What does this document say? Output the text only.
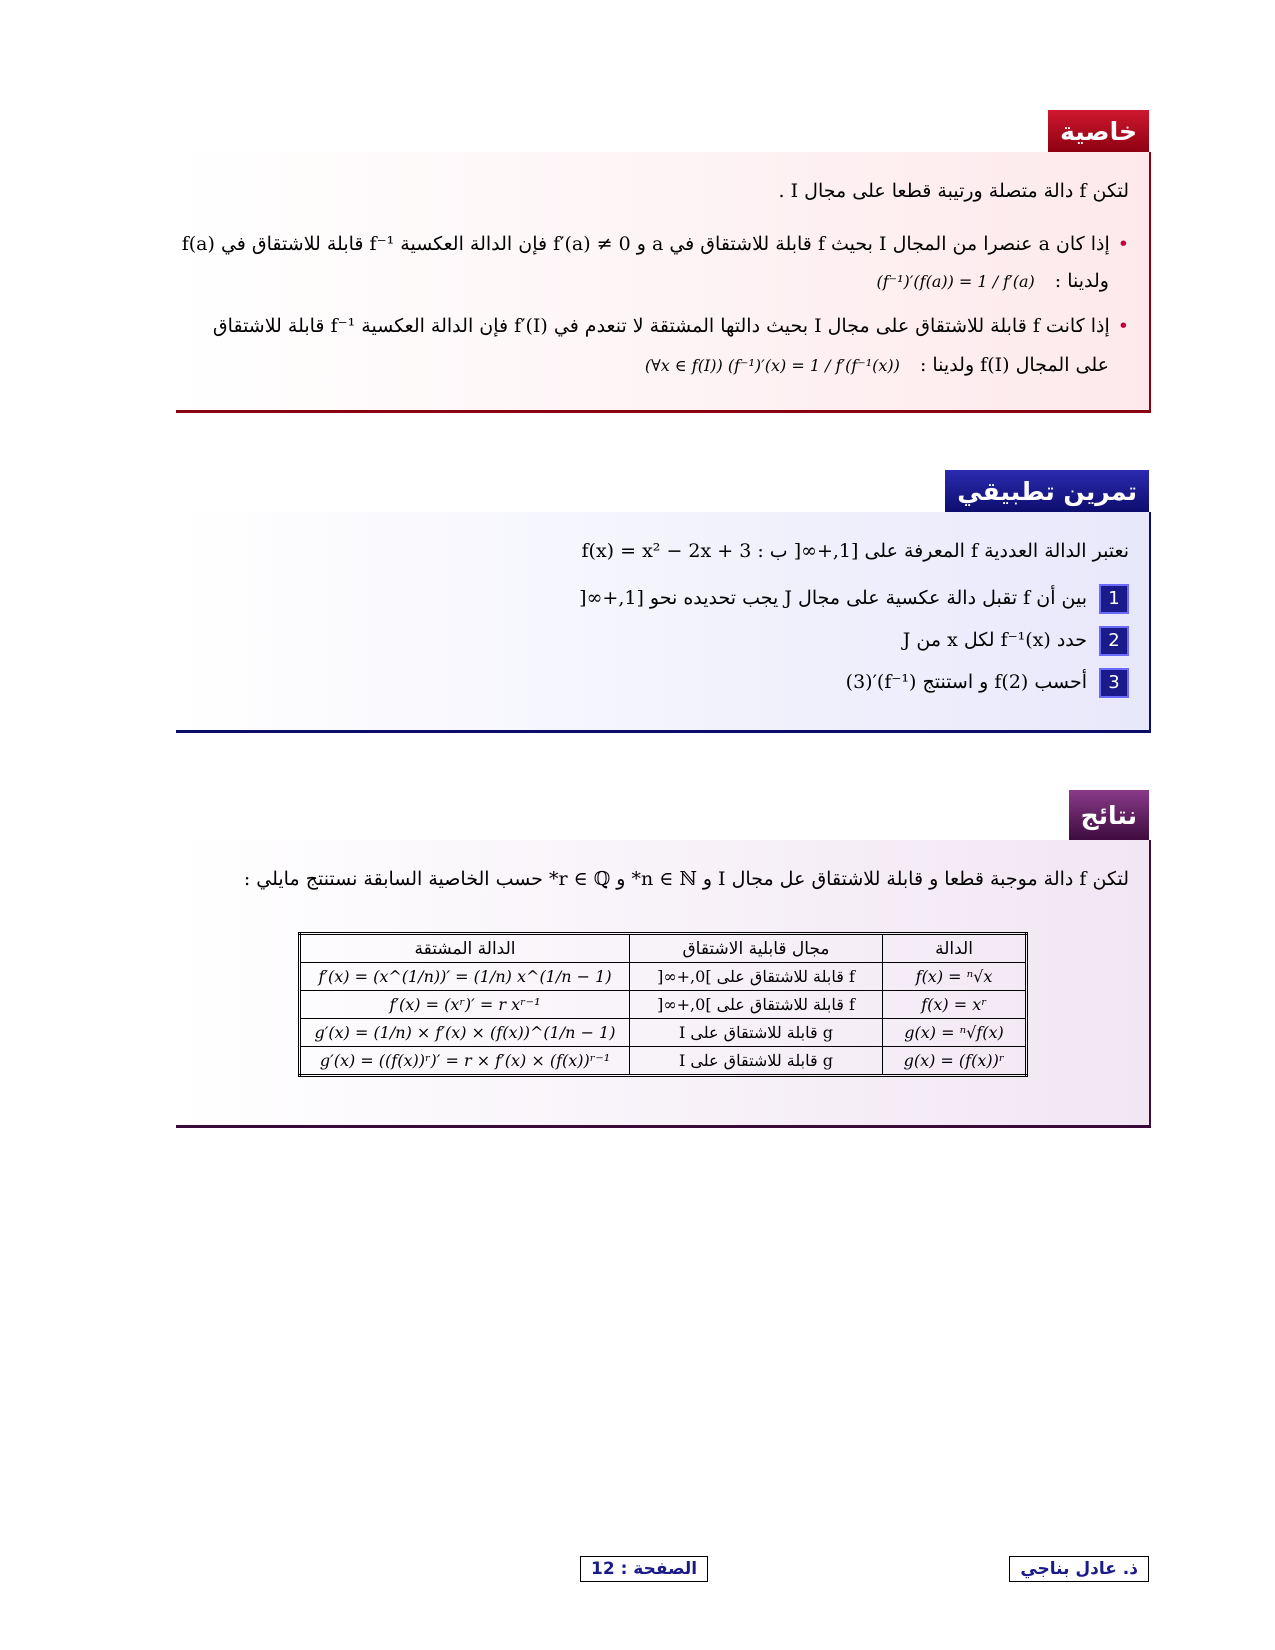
خاصية
لتكن f دالة متصلة ورتيبة قطعا على مجال I .
•إذا كان a عنصرا من المجال I بحيث f قابلة للاشتقاق في a و f′(a) ≠ 0 فإن الدالة العكسية f⁻¹ قابلة للاشتقاق في f(a)
ولدينا : (f⁻¹)′(f(a)) = 1 / f′(a)
•إذا كانت f قابلة للاشتقاق على مجال I بحيث دالتها المشتقة لا تنعدم في f′(I) فإن الدالة العكسية f⁻¹ قابلة للاشتقاق
على المجال f(I) ولدينا : (∀x ∈ f(I)) (f⁻¹)′(x) = 1 / f′(f⁻¹(x))
تمرين تطبيقي
نعتبر الدالة العددية f المعرفة على [1,+∞[ ب : f(x) = x² − 2x + 3
1بين أن f تقبل دالة عكسية على مجال J يجب تحديده نحو [1,+∞[
2حدد f⁻¹(x) لكل x من J
3أحسب f(2) و استنتج (f⁻¹)′(3)
نتائج
لتكن f دالة موجبة قطعا و قابلة للاشتقاق عل مجال I و n ∈ ℕ* و r ∈ ℚ* حسب الخاصية السابقة نستنتج مايلي :
الدالة	مجال قابلية الاشتقاق	الدالة المشتقة
f(x) = ⁿ√x	f قابلة للاشتقاق على ]0,+∞[	f′(x) = (x^(1/n))′ = (1/n) x^(1/n − 1)
f(x) = xʳ	f قابلة للاشتقاق على ]0,+∞[	f′(x) = (xʳ)′ = r xʳ⁻¹
g(x) = ⁿ√f(x)	g قابلة للاشتقاق على I	g′(x) = (1/n) × f′(x) × (f(x))^(1/n − 1)
g(x) = (f(x))ʳ	g قابلة للاشتقاق على I	g′(x) = ((f(x))ʳ)′ = r × f′(x) × (f(x))ʳ⁻¹
ذ. عادل بناجي
الصفحة : 12
